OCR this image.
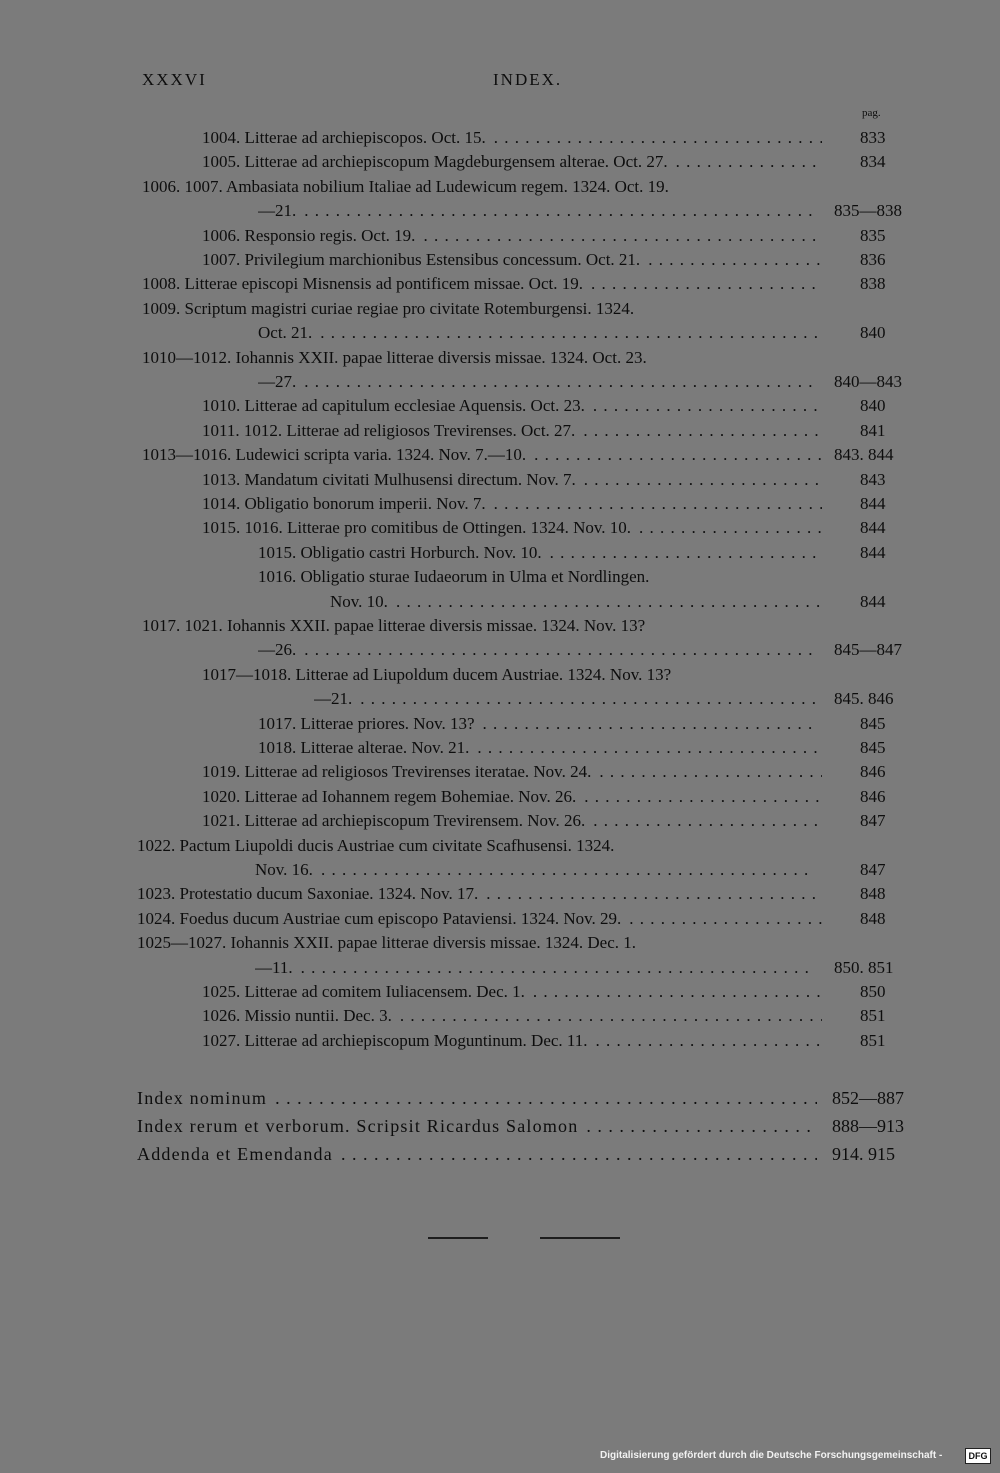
XXXVI	INDEX.
pag.
1004. Litterae ad archiepiscopos. Oct. 15. . . .	833
1005. Litterae ad archiepiscopum Magdeburgensem alterae. Oct. 27. . . .	834
1006. 1007. Ambasiata nobilium Italiae ad Ludewicum regem. 1324. Oct. 19.
—21. . . .	835—838
1006. Responsio regis. Oct. 19. . . .	835
1007. Privilegium marchionibus Estensibus concessum. Oct. 21. . . .	836
1008. Litterae episcopi Misnensis ad pontificem missae. Oct. 19. . . .	838
1009. Scriptum magistri curiae regiae pro civitate Rotemburgensi. 1324.
Oct. 21. . . .	840
1010—1012. Iohannis XXII. papae litterae diversis missae. 1324. Oct. 23.
—27. . . .	840—843
1010. Litterae ad capitulum ecclesiae Aquensis. Oct. 23. . . .	840
1011. 1012. Litterae ad religiosos Trevirenses. Oct. 27. . . .	841
1013—1016. Ludewici scripta varia. 1324. Nov. 7.—10. . . .	843. 844
1013. Mandatum civitati Mulhusensi directum. Nov. 7. . . .	843
1014. Obligatio bonorum imperii. Nov. 7. . . .	844
1015. 1016. Litterae pro comitibus de Ottingen. 1324. Nov. 10. . . .	844
1015. Obligatio castri Horburch. Nov. 10. . . .	844
1016. Obligatio sturae Iudaeorum in Ulma et Nordlingen.
Nov. 10. . . .	844
1017. 1021. Iohannis XXII. papae litterae diversis missae. 1324. Nov. 13?
—26. . . .	845—847
1017—1018. Litterae ad Liupoldum ducem Austriae. 1324. Nov. 13?
—21. . . .	845. 846
1017. Litterae priores. Nov. 13? . . .	845
1018. Litterae alterae. Nov. 21. . . .	845
1019. Litterae ad religiosos Trevirenses iteratae. Nov. 24. . . .	846
1020. Litterae ad Iohannem regem Bohemiae. Nov. 26. . . .	846
1021. Litterae ad archiepiscopum Trevirensem. Nov. 26. . . .	847
1022. Pactum Liupoldi ducis Austriae cum civitate Scafhusensi. 1324.
Nov. 16. . . .	847
1023. Protestatio ducum Saxoniae. 1324. Nov. 17. . . .	848
1024. Foedus ducum Austriae cum episcopo Pataviensi. 1324. Nov. 29. . . .	848
1025—1027. Iohannis XXII. papae litterae diversis missae. 1324. Dec. 1.
—11. . . .	850. 851
1025. Litterae ad comitem Iuliacensem. Dec. 1. . . .	850
1026. Missio nuntii. Dec. 3. . . .	851
1027. Litterae ad archiepiscopum Moguntinum. Dec. 11. . . .	851
Index nominum . . .	852—887
Index rerum et verborum. Scripsit Ricardus Salomon . . .	888—913
Addenda et Emendanda . . .	914. 915
Digitalisierung gefördert durch die Deutsche Forschungsgemeinschaft -	DFG
